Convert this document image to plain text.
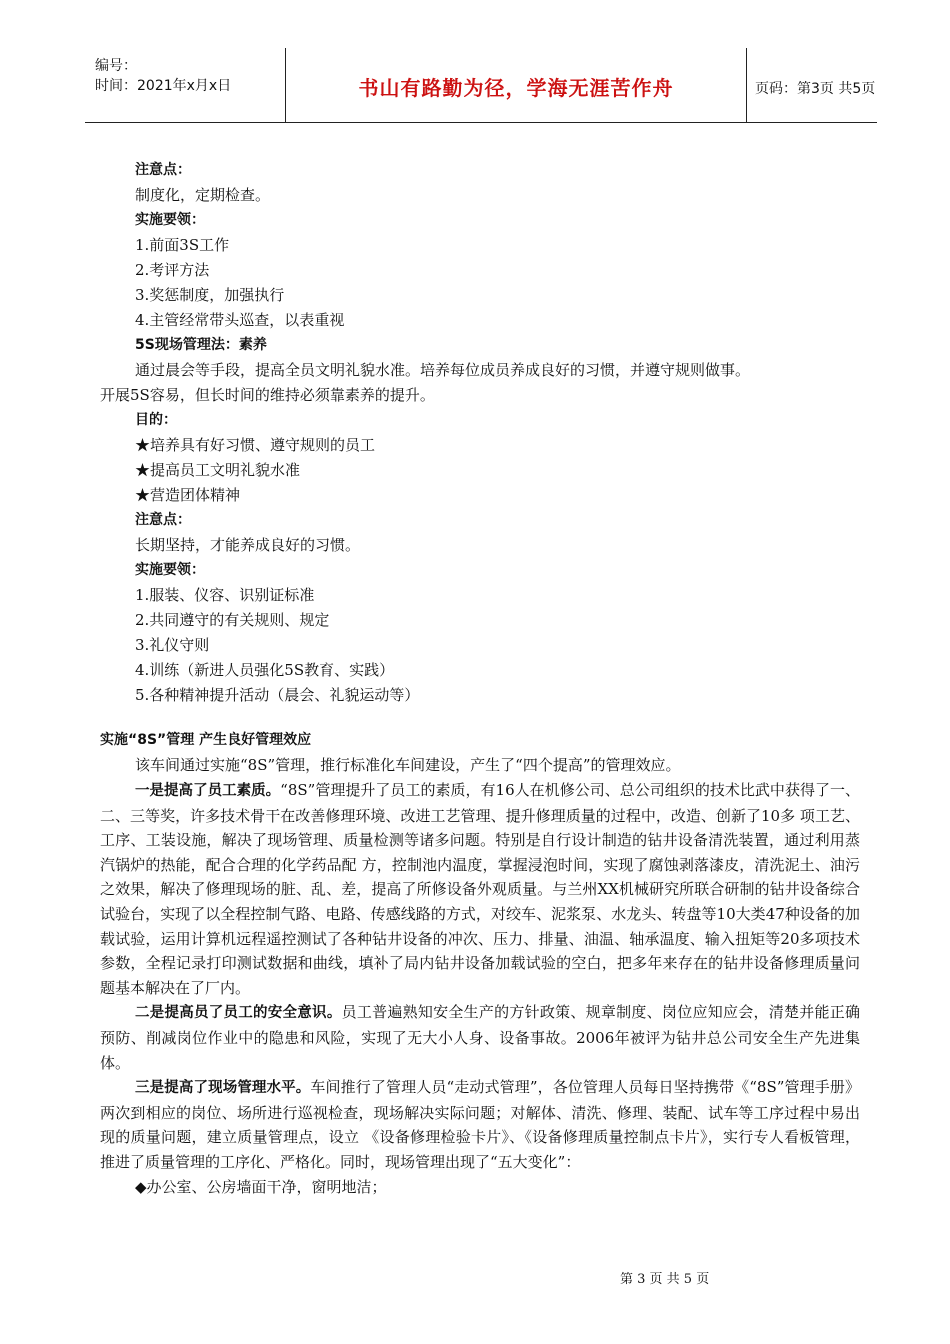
编号：
时间：2021年x月x日	书山有路勤为径，学海无涯苦作舟	页码：第3页 共5页
注意点：
制度化，定期检查。
实施要领：
1.前面3S工作
2.考评方法
3.奖惩制度，加强执行
4.主管经常带头巡查，以表重视
5S现场管理法：素养
通过晨会等手段，提高全员文明礼貌水准。培养每位成员养成良好的习惯，并遵守规则做事。
开展5S容易，但长时间的维持必须靠素养的提升。
目的：
★培养具有好习惯、遵守规则的员工
★提高员工文明礼貌水准
★营造团体精神
注意点：
长期坚持，才能养成良好的习惯。
实施要领：
1.服装、仪容、识别证标准
2.共同遵守的有关规则、规定
3.礼仪守则
4.训练（新进人员强化5S教育、实践）
5.各种精神提升活动（晨会、礼貌运动等）
实施“8S”管理 产生良好管理效应
该车间通过实施“8S”管理，推行标准化车间建设，产生了“四个提高”的管理效应。
一是提高了员工素质。“8S”管理提升了员工的素质，有16人在机修公司、总公司组织的技术比武中获得了一、二、三等奖，许多技术骨干在改善修理环境、改进工艺管理、提升修理质量的过程中，改造、创新了10多 项工艺、工序、工装设施，解决了现场管理、质量检测等诸多问题。特别是自行设计制造的钻井设备清洗装置，通过利用蒸汽锅炉的热能，配合合理的化学药品配 方，控制池内温度，掌握浸泡时间，实现了腐蚀剥落漆皮，清洗泥土、油污之效果，解决了修理现场的脏、乱、差，提高了所修设备外观质量。与兰州XX机械研究所联合研制的钻井设备综合试验台，实现了以全程控制气路、电路、传感线路的方式，对绞车、泥浆泵、水龙头、转盘等10大类47种设备的加载试验，运用计算机远程遥控测试了各种钻井设备的冲次、压力、排量、油温、轴承温度、输入扭矩等20多项技术参数，全程记录打印测试数据和曲线，填补了局内钻井设备加载试验的空白，把多年来存在的钻井设备修理质量问题基本解决在了厂内。
二是提高员了员工的安全意识。员工普遍熟知安全生产的方针政策、规章制度、岗位应知应会，清楚并能正确预防、削减岗位作业中的隐患和风险，实现了无大小人身、设备事故。2006年被评为钻井总公司安全生产先进集体。
三是提高了现场管理水平。车间推行了管理人员“走动式管理”，各位管理人员每日坚持携带《“8S”管理手册》两次到相应的岗位、场所进行巡视检查，现场解决实际问题；对解体、清洗、修理、装配、试车等工序过程中易出现的质量问题，建立质量管理点，设立 《设备修理检验卡片》、《设备修理质量控制点卡片》，实行专人看板管理，推进了质量管理的工序化、严格化。同时，现场管理出现了“五大变化”：
◆办公室、公房墙面干净，窗明地洁；
第 3 页 共 5 页
